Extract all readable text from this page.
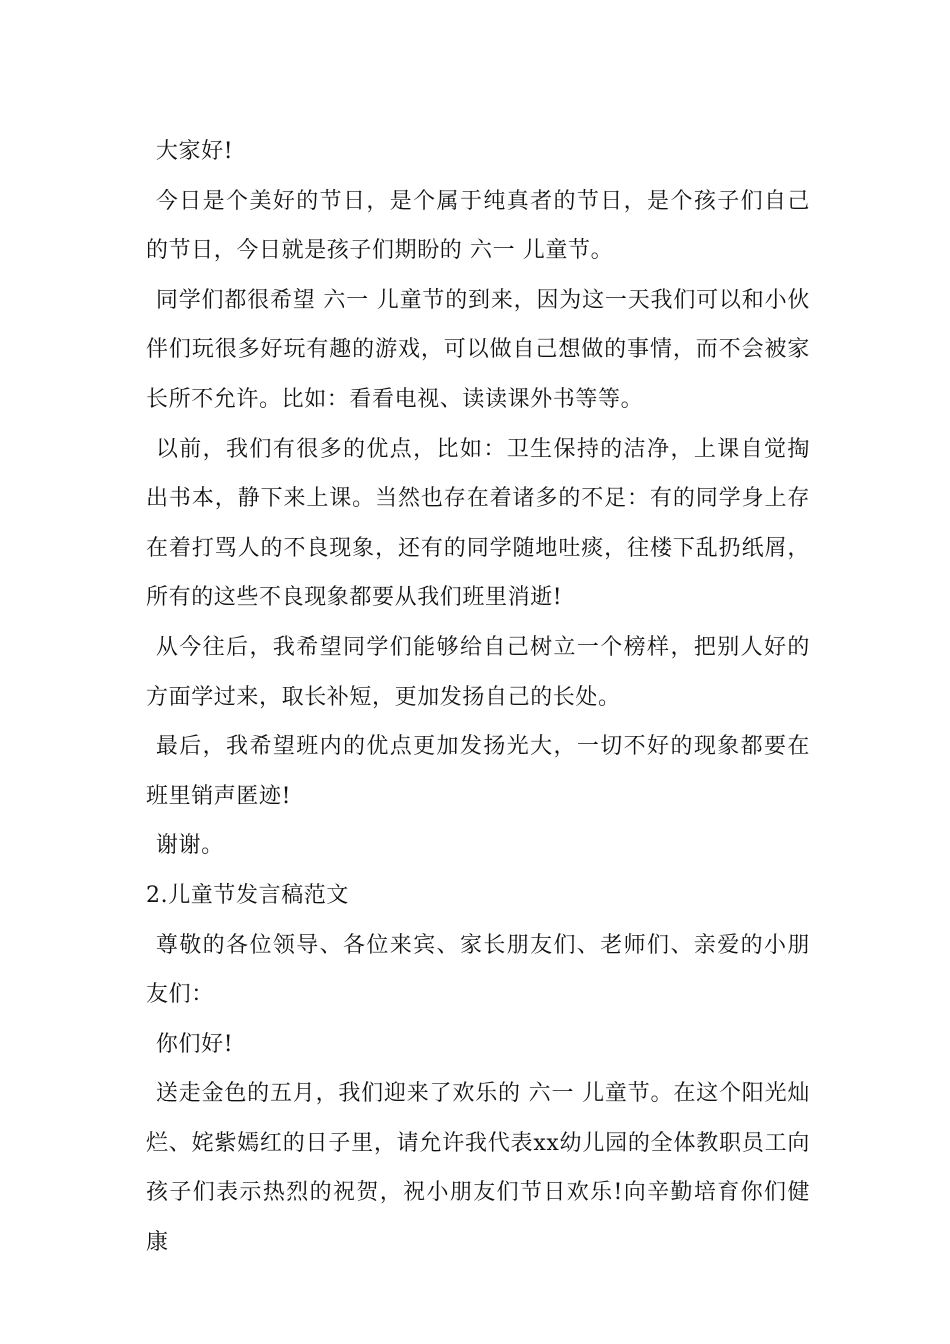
大家好!

今日是个美好的节日，是个属于纯真者的节日，是个孩子们自己的节日，今日就是孩子们期盼的 六一 儿童节。

同学们都很希望 六一 儿童节的到来，因为这一天我们可以和小伙伴们玩很多好玩有趣的游戏，可以做自己想做的事情，而不会被家长所不允许。比如：看看电视、读读课外书等等。

以前，我们有很多的优点，比如：卫生保持的洁净，上课自觉掏出书本，静下来上课。当然也存在着诸多的不足：有的同学身上存在着打骂人的不良现象，还有的同学随地吐痰，往楼下乱扔纸屑，所有的这些不良现象都要从我们班里消逝!

从今往后，我希望同学们能够给自己树立一个榜样，把别人好的方面学过来，取长补短，更加发扬自己的长处。

最后，我希望班内的优点更加发扬光大，一切不好的现象都要在班里销声匿迹!

谢谢。

2.儿童节发言稿范文

尊敬的各位领导、各位来宾、家长朋友们、老师们、亲爱的小朋友们：

你们好!

送走金色的五月，我们迎来了欢乐的 六一 儿童节。在这个阳光灿烂、姹紫嫣红的日子里，请允许我代表xx幼儿园的全体教职员工向孩子们表示热烈的祝贺，祝小朋友们节日欢乐!向辛勤培育你们健康
